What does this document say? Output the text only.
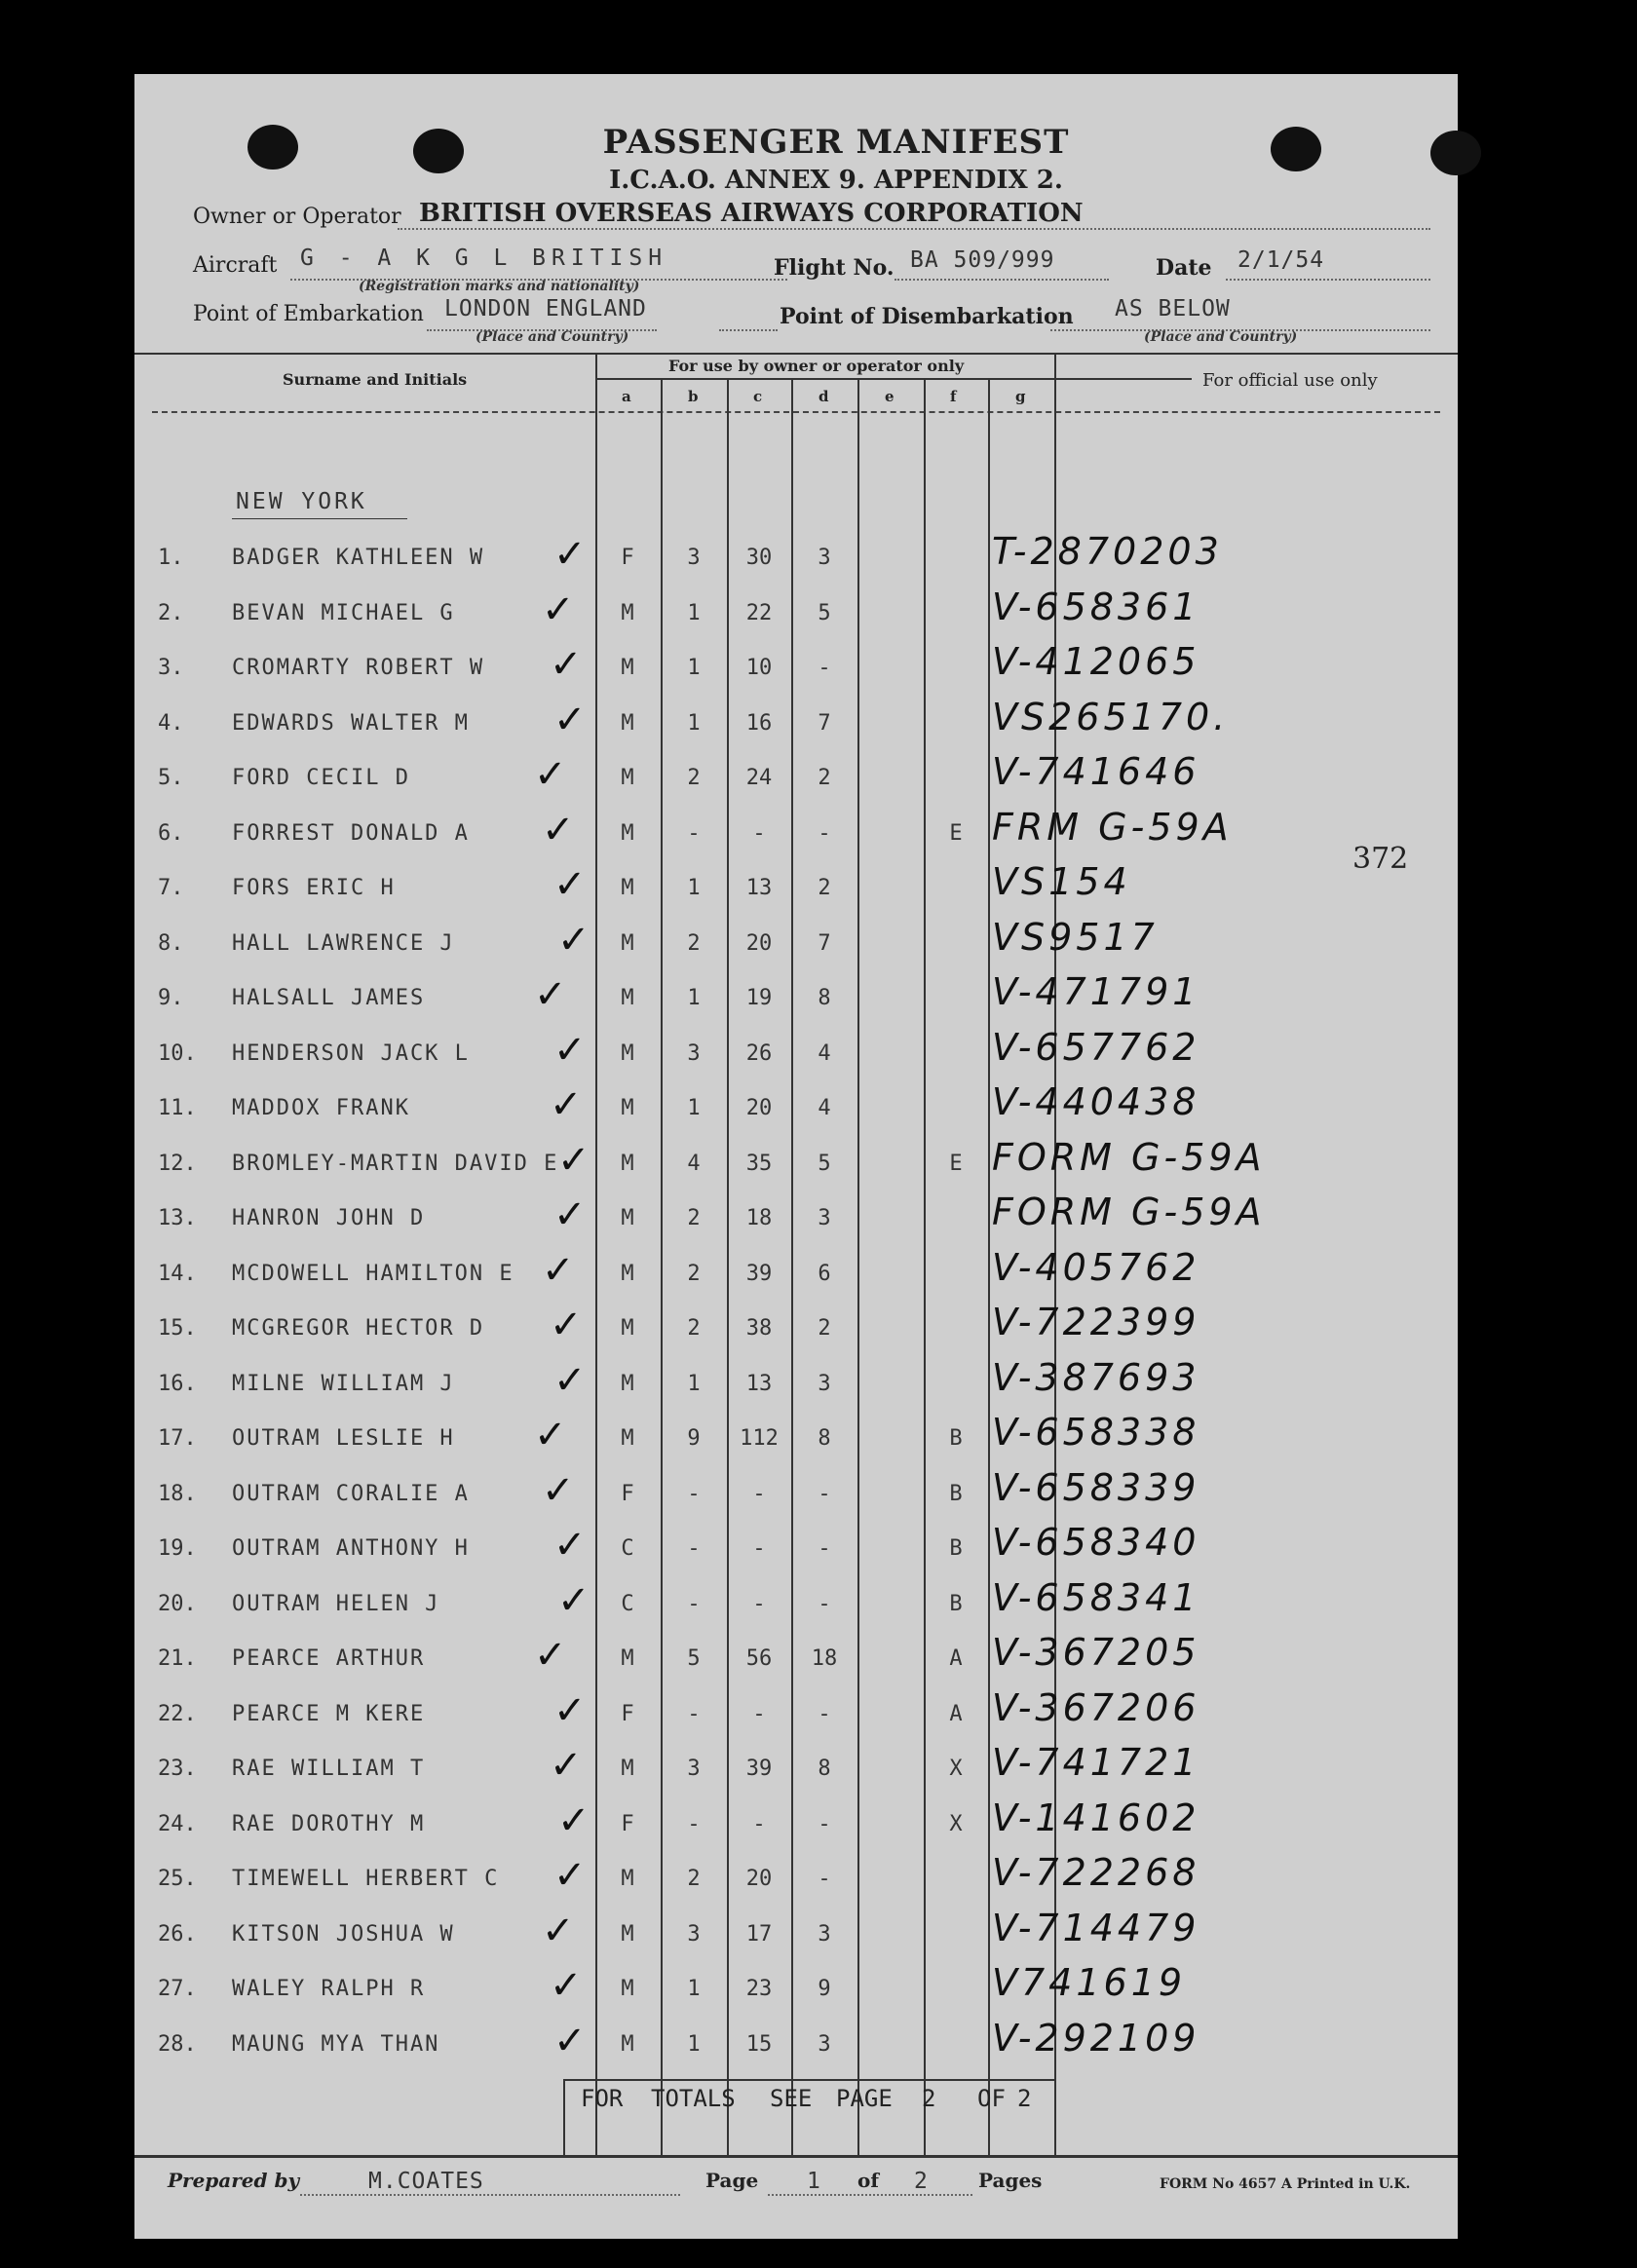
PASSENGER MANIFEST
I.C.A.O. ANNEX 9. APPENDIX 2.
Owner or Operator BRITISH OVERSEAS AIRWAYS CORPORATION
Aircraft G - A K G L BRITISH
(Registration marks and nationality)
Flight No. BA 509/999	Date 2/1/54
Point of Embarkation LONDON ENGLAND
(Place and Country)
Point of Disembarkation AS BELOW
(Place and Country)
Surname and Initials
For use by owner or operator only
For official use only
a	b	c	d	e	f	g
NEW YORK
372
1. BADGER KATHLEEN W ✓	F	3	30	3	T-2870203
2. BEVAN MICHAEL G ✓	M	1	22	5	V-658361
3. CROMARTY ROBERT W ✓	M	1	10	-	V-412065
4. EDWARDS WALTER M ✓	M	1	16	7	VS265170.
5. FORD CECIL D	✓	M	2	24	2	V-741646
6. FORREST DONALD A ✓	M	-	-	-	E FRM G-59A
7. FORS ERIC H	✓	M	1	13	2	VS154
8. HALL LAWRENCE J	✓	M	2	20	7	VS9517
9. HALSALL JAMES	✓	M	1	19	8	V-471791
10. HENDERSON JACK L ✓	M	3	26	4	V-657762
11. MADDOX FRANK	✓	M	1	20	4	V-440438
12. BROMLEY-MARTIN DAVID E
✓	M	4	35	5	E FORM G-59A
13. HANRON JOHN D	✓	M	2	18	3	FORM G-59A
14. MCDOWELL HAMILTON E ✓	M	2	39	6	V-405762
15. MCGREGOR HECTOR D ✓	M	2	38	2	V-722399
16. MILNE WILLIAM J	✓	M	1	13	3	V-387693
17. OUTRAM LESLIE H ✓	M	9	112	8	B V-658338
18. OUTRAM CORALIE A ✓	F	-	-	-	B V-658339
19. OUTRAM ANTHONY H ✓	C	-	-	-	B V-658340
20. OUTRAM HELEN J	✓	C	-	-	-	B V-658341
21. PEARCE ARTHUR	✓	M	5	56	18	A V-367205
22. PEARCE M KERE	✓	F	-	-	-	A V-367206
23. RAE WILLIAM T	✓	M	3	39	8	X V-741721
24. RAE DOROTHY M	✓	F	-	-	-	X V-141602
25. TIMEWELL HERBERT C ✓	M	2	20	-	V-722268
26. KITSON JOSHUA W ✓	M	3	17	3	V-714479
27. WALEY RALPH R	✓	M	1	23	9	V741619
28. MAUNG MYA THAN	✓	M	1	15	3	V-292109
FOR TOTALS SEE PAGE 2 OF 2
Prepared by	M.COATES	Page 1 of 2	Pages	FORM No 4657 A Printed in U.K.
